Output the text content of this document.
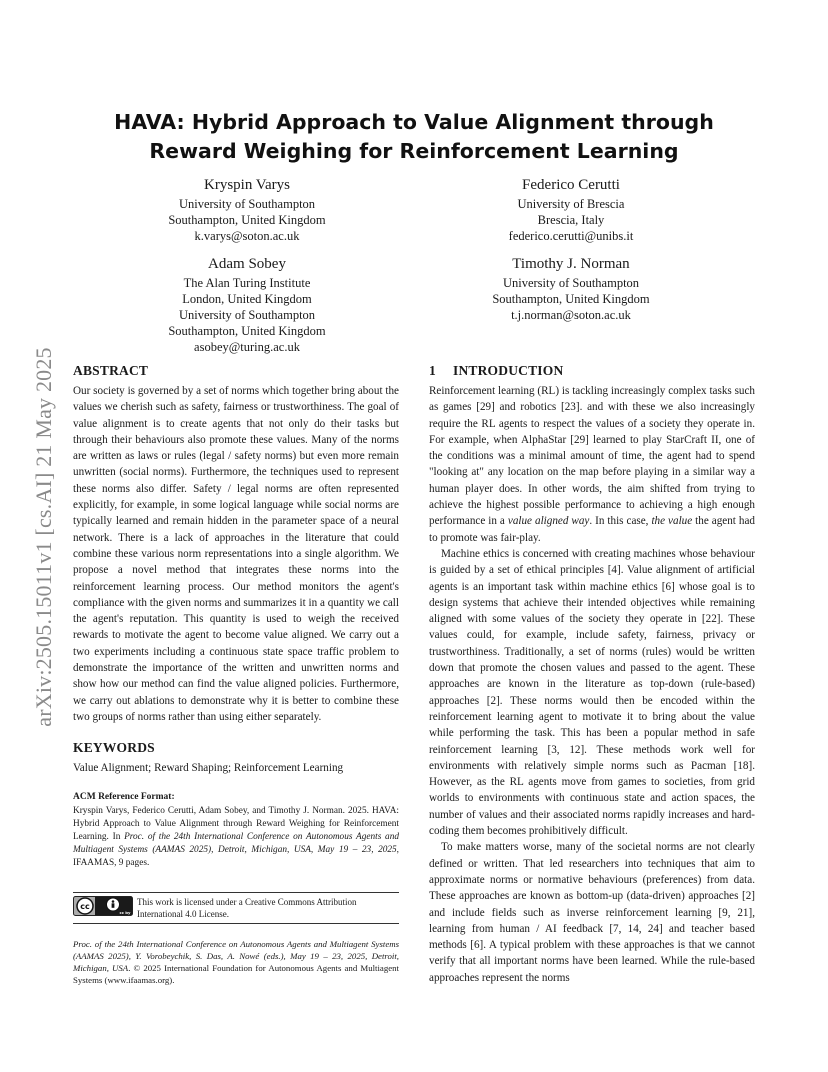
arXiv:2505.15011v1 [cs.AI] 21 May 2025
HAVA: Hybrid Approach to Value Alignment through Reward Weighing for Reinforcement Learning
Kryspin Varys
University of Southampton
Southampton, United Kingdom
k.varys@soton.ac.uk
Federico Cerutti
University of Brescia
Brescia, Italy
federico.cerutti@unibs.it
Adam Sobey
The Alan Turing Institute
London, United Kingdom
University of Southampton
Southampton, United Kingdom
asobey@turing.ac.uk
Timothy J. Norman
University of Southampton
Southampton, United Kingdom
t.j.norman@soton.ac.uk
ABSTRACT

Our society is governed by a set of norms which together bring about the values we cherish such as safety, fairness or trustworthiness. The goal of value alignment is to create agents that not only do their tasks but through their behaviours also promote these values. Many of the norms are written as laws or rules (legal / safety norms) but even more remain unwritten (social norms). Furthermore, the techniques used to represent these norms also differ. Safety / legal norms are often represented explicitly, for example, in some logical language while social norms are typically learned and remain hidden in the parameter space of a neural network. There is a lack of approaches in the literature that could combine these various norm representations into a single algorithm. We propose a novel method that integrates these norms into the reinforcement learning process. Our method monitors the agent's compliance with the given norms and summarizes it in a quantity we call the agent's reputation. This quantity is used to weigh the received rewards to motivate the agent to become value aligned. We carry out a two experiments including a continuous state space traffic problem to demonstrate the importance of the written and unwritten norms and show how our method can find the value aligned policies. Furthermore, we carry out ablations to demonstrate why it is better to combine these two groups of norms rather than using either separately.

KEYWORDS

Value Alignment; Reward Shaping; Reinforcement Learning

ACM Reference Format:

Kryspin Varys, Federico Cerutti, Adam Sobey, and Timothy J. Norman. 2025. HAVA: Hybrid Approach to Value Alignment through Reward Weighing for Reinforcement Learning. In Proc. of the 24th International Conference on Autonomous Agents and Multiagent Systems (AAMAS 2025), Detroit, Michigan, USA, May 19 – 23, 2025, IFAAMAS, 9 pages.

cc
cc by
This work is licensed under a Creative Commons Attribution International 4.0 License.

Proc. of the 24th International Conference on Autonomous Agents and Multiagent Systems (AAMAS 2025), Y. Vorobeychik, S. Das, A. Nowé (eds.), May 19 – 23, 2025, Detroit, Michigan, USA. © 2025 International Foundation for Autonomous Agents and Multiagent Systems (www.ifaamas.org).

1 INTRODUCTION

Reinforcement learning (RL) is tackling increasingly complex tasks such as games [29] and robotics [23]. and with these we also increasingly require the RL agents to respect the values of a society they operate in. For example, when AlphaStar [29] learned to play StarCraft II, one of the conditions was a minimal amount of time, the agent had to spend "looking at" any location on the map before playing in a similar way a human player does. In other words, the aim shifted from trying to achieve the highest possible performance to achieving a high enough performance in a value aligned way. In this case, the value the agent had to promote was fair-play.

Machine ethics is concerned with creating machines whose behaviour is guided by a set of ethical principles [4]. Value alignment of artificial agents is an important task within machine ethics [6] whose goal is to design systems that achieve their intended objectives while remaining aligned with some values of the society they operate in [22]. These values could, for example, include safety, fairness, privacy or trustworthiness. Traditionally, a set of norms (rules) would be written down that promote the chosen values and passed to the agent. These approaches are known in the literature as top-down (rule-based) approaches [2]. These norms would then be encoded within the reinforcement learning agent to motivate it to bring about the value while performing the task. This has been a popular method in safe reinforcement learning [3, 12]. These methods work well for environments with relatively simple norms such as Pacman [18]. However, as the RL agents move from games to societies, from grid worlds to environments with continuous state and action spaces, the number of values and their associated norms rapidly increases and hard-coding them becomes prohibitively difficult.

To make matters worse, many of the societal norms are not clearly defined or written. That led researchers into techniques that aim to approximate norms or normative behaviours (preferences) from data. These approaches are known as bottom-up (data-driven) approaches [2] and include fields such as inverse reinforcement learning [9, 21], learning from human / AI feedback [7, 14, 24] and teacher based methods [6]. A typical problem with these approaches is that we cannot verify that all important norms have been learned. While the rule-based approaches represent the norms
